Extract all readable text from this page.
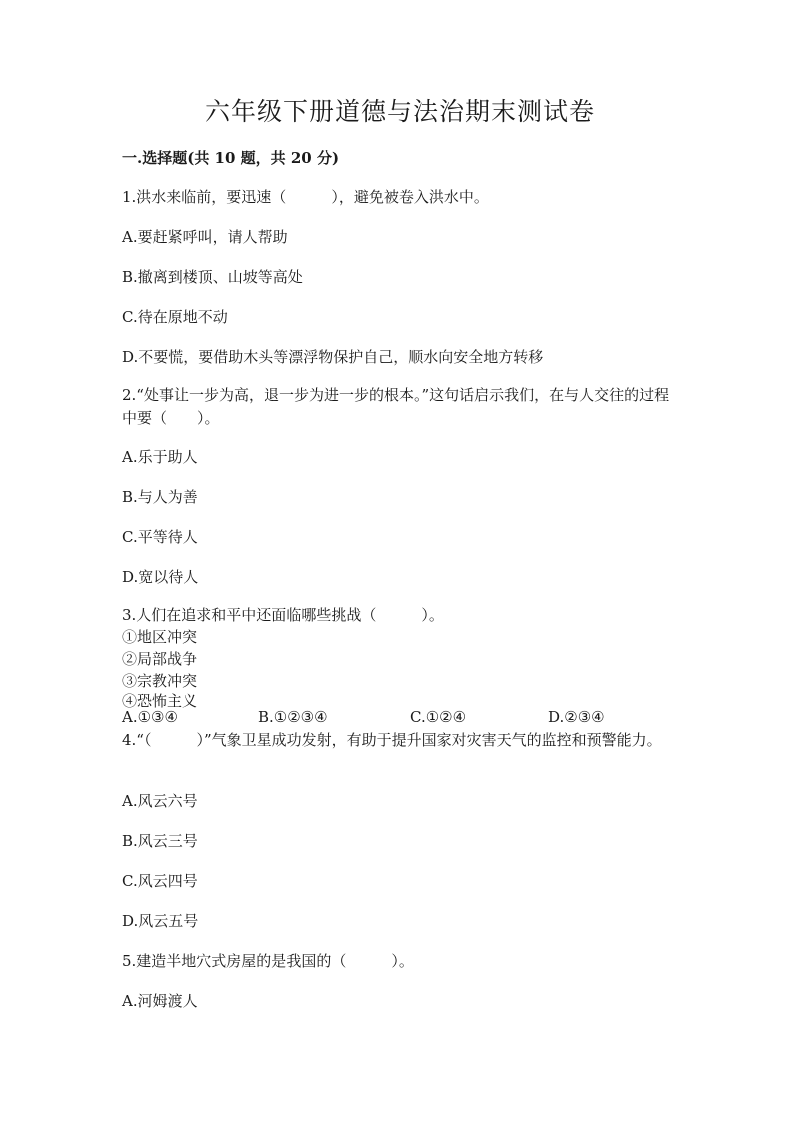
六年级下册道德与法治期末测试卷

一.选择题(共 10 题，共 20 分)

1.洪水来临前，要迅速（　　　），避免被卷入洪水中。

A.要赶紧呼叫，请人帮助

B.撤离到楼顶、山坡等高处

C.待在原地不动

D.不要慌，要借助木头等漂浮物保护自己，顺水向安全地方转移

2.“处事让一步为高，退一步为进一步的根本。”这句话启示我们，在与人交往的过程中要（　　）。

A.乐于助人

B.与人为善

C.平等待人

D.宽以待人

3.人们在追求和平中还面临哪些挑战（　　　）。

①地区冲突

②局部战争

③宗教冲突

④恐怖主义

A.①③④	B.①②③④	C.①②④	D.②③④

4.“（　　　）”气象卫星成功发射，有助于提升国家对灾害天气的监控和预警能力。

A.风云六号

B.风云三号

C.风云四号

D.风云五号

5.建造半地穴式房屋的是我国的（　　　）。

A.河姆渡人
